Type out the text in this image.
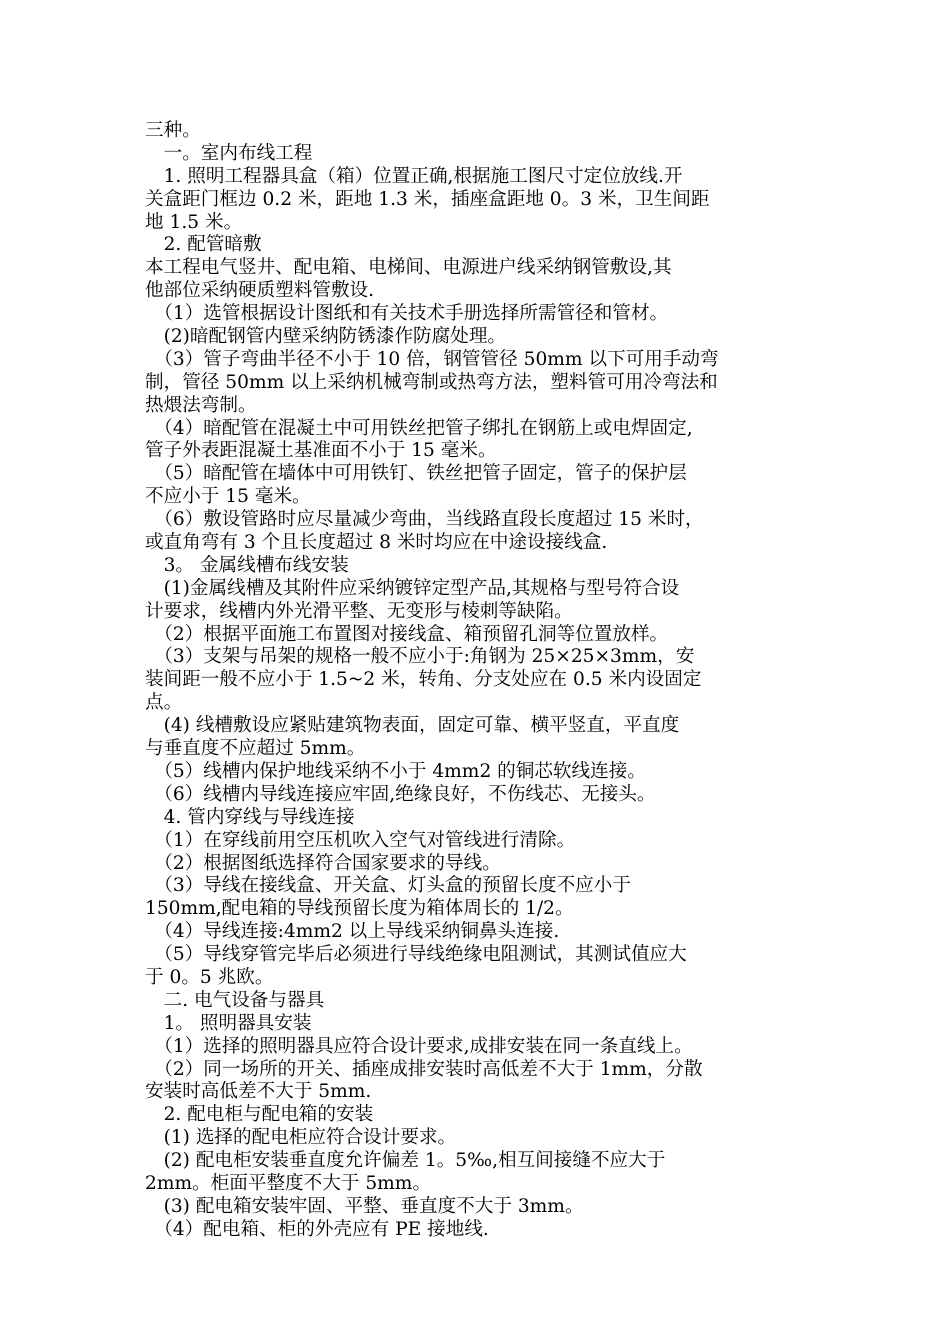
三种。

　一。室内布线工程

　1. 照明工程器具盒（箱）位置正确,根据施工图尺寸定位放线.开

关盒距门框边 0.2 米，距地 1.3 米，插座盒距地 0。3 米，卫生间距

地 1.5 米。

　2. 配管暗敷

本工程电气竖井、配电箱、电梯间、电源进户线采纳钢管敷设,其

他部位采纳硬质塑料管敷设.

　（1）选管根据设计图纸和有关技术手册选择所需管径和管材。

　(2)暗配钢管内壁采纳防锈漆作防腐处理。

　（3）管子弯曲半径不小于 10 倍，钢管管径 50mm 以下可用手动弯

制，管径 50mm 以上采纳机械弯制或热弯方法，塑料管可用冷弯法和

热煨法弯制。

　（4）暗配管在混凝土中可用铁丝把管子绑扎在钢筋上或电焊固定,

管子外表距混凝土基准面不小于 15 毫米。

　（5）暗配管在墙体中可用铁钉、铁丝把管子固定，管子的保护层

不应小于 15 毫米。

　（6）敷设管路时应尽量减少弯曲，当线路直段长度超过 15 米时，

或直角弯有 3 个且长度超过 8 米时均应在中途设接线盒.

　3。 金属线槽布线安装

　(1)金属线槽及其附件应采纳镀锌定型产品,其规格与型号符合设

计要求，线槽内外光滑平整、无变形与棱刺等缺陷。

　（2）根据平面施工布置图对接线盒、箱预留孔洞等位置放样。

　（3）支架与吊架的规格一般不应小于:角钢为 25×25×3mm，安

装间距一般不应小于 1.5~2 米，转角、分支处应在 0.5 米内设固定

点。

　(4) 线槽敷设应紧贴建筑物表面，固定可靠、横平竖直，平直度

与垂直度不应超过 5mm。

　（5）线槽内保护地线采纳不小于 4mm2 的铜芯软线连接。

　（6）线槽内导线连接应牢固,绝缘良好，不伤线芯、无接头。

　4. 管内穿线与导线连接

　（1）在穿线前用空压机吹入空气对管线进行清除。

　（2）根据图纸选择符合国家要求的导线。

　（3）导线在接线盒、开关盒、灯头盒的预留长度不应小于

150mm,配电箱的导线预留长度为箱体周长的 1/2。

　（4）导线连接:4mm2 以上导线采纳铜鼻头连接.

　（5）导线穿管完毕后必须进行导线绝缘电阻测试，其测试值应大

于 0。5 兆欧。

　二. 电气设备与器具

　1。 照明器具安装

　（1）选择的照明器具应符合设计要求,成排安装在同一条直线上。

　（2）同一场所的开关、插座成排安装时高低差不大于 1mm，分散

安装时高低差不大于 5mm.

　2. 配电柜与配电箱的安装

　(1) 选择的配电柜应符合设计要求。

　(2) 配电柜安装垂直度允许偏差 1。5‰,相互间接缝不应大于

2mm。柜面平整度不大于 5mm。

　(3) 配电箱安装牢固、平整、垂直度不大于 3mm。

　（4）配电箱、柜的外壳应有 PE 接地线.
